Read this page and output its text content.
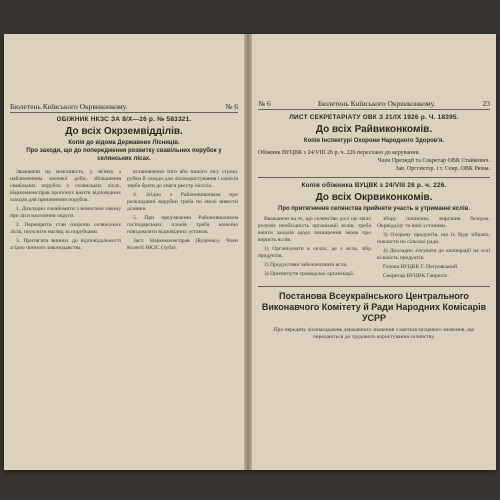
Бюлетень Київського Окрвиконкому.	№ 6
ОБІЖНИК НКЗС ЗА 8/Х—26 р. № 583321.
До всіх Окрземвідділів.
Копія до відома Державних Лісниців.
Про заходи, що до попередження розвитку свавільних порубок у селянських лісах.

Зважаючи на можливість, у зв'язку з наближенням зимової доби, збільшення свавільних порубок у селянських лісах, Наркомземсправ пропонує вжити відповідних заходів для припинення порубок.

1. Докладно ознайомити з вимогами закону про ліси населення округи.

2. Перевірити стан охорони селянських лісів, посилити нагляд за порубками.

3. Притягати винних до відповідальності згідно чинного законодавства.

встановленої того або іншого лісу строку рубки й заходи для лісокористування і комісія терба брати до уваги реєстр лісосік.

4. Згідно з Районовиконком при розкладанні вирубки треба по змозі вивести ділянки.

5. При пред'явленні Районовиконком господарських планів треба конечно повідомляти відповідних установ.

Заст. Наркомземсправ (Буценко). Член Колегії НКЗС (Зуба).

№ 6	Бюлетень Київського Окрвиконкому.	23
ЛИСТ СЕКРЕТАРІАТУ ОВК З 21/IX 1926 р. Ч. 18395.
До всіх Райвиконкомів.
Копія Інспектурі Охорони Народного Здоров'я.
Обіжник ВУЦВК з 24/VIII 26 р. ч. 226 переслано до керування.
Член Президії та Секретар ОВК Стайкович.
Зав. Оргсектор. і т. Секр. ОВК Рюма.
Копія обіжника ВУЦВК з 24/VIII 26 р. ч. 226.
До всіх Окрвиконкомів.
Про притягнення селянства прийняти участь в утриманні яслів.

Вважаючи на те, що селянство досі ще мало розуміє необхідність організації яслів, треба вжити заходів щодо поширення знань про користь яслів.

1) Організувати в селах, де є ясла, збір продуктів.

2) Продуктами забезпечувати ясла.

3) Притягнути громадські організації.

збору пошкини, вирушив безсрок. Окрвідділу та інші установи.

3) Охорону продуктів, що їх буде зібрано, покласти на сільські ради.

4) Докладно з'ясувати до кооперації на селі кількість продуктів.

Голова ВУЦВК Г. Петровський.

Секретар ВУЦВК Гавриліс.

Постанова Всеукраїнського Центрального Виконавчого Комітету й Ради Народних Комісарів УСРР
Про передачу лісонасаджень державного значення з маєтків місцевого значення, що передаються до трудового користування селянству.
